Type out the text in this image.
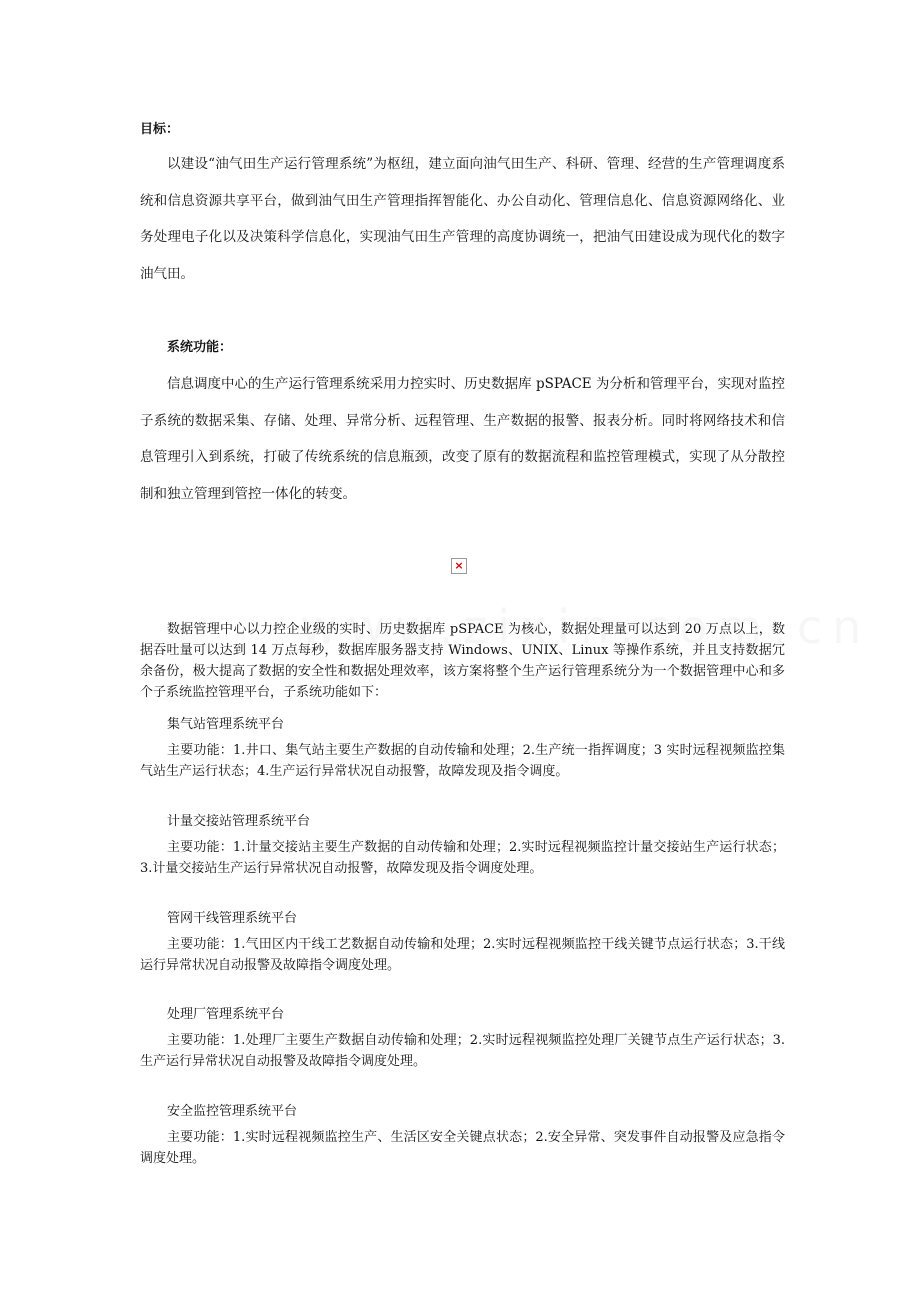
目标：

以建设“油气田生产运行管理系统”为枢纽，建立面向油气田生产、科研、管理、经营的生产管理调度系统和信息资源共享平台，做到油气田生产管理指挥智能化、办公自动化、管理信息化、信息资源网络化、业务处理电子化以及决策科学信息化，实现油气田生产管理的高度协调统一，把油气田建设成为现代化的数字油气田。

系统功能：

信息调度中心的生产运行管理系统采用力控实时、历史数据库 pSPACE 为分析和管理平台，实现对监控子系统的数据采集、存储、处理、异常分析、远程管理、生产数据的报警、报表分析。同时将网络技术和信息管理引入到系统，打破了传统系统的信息瓶颈，改变了原有的数据流程和监控管理模式，实现了从分散控制和独立管理到管控一体化的转变。

×

数据管理中心以力控企业级的实时、历史数据库 pSPACE 为核心，数据处理量可以达到 20 万点以上，数据吞吐量可以达到 14 万点每秒，数据库服务器支持 Windows、UNIX、Linux 等操作系统，并且支持数据冗余备份，极大提高了数据的安全性和数据处理效率，该方案将整个生产运行管理系统分为一个数据管理中心和多个子系统监控管理平台，子系统功能如下：

集气站管理系统平台

主要功能：1.井口、集气站主要生产数据的自动传输和处理；2.生产统一指挥调度；3 实时远程视频监控集气站生产运行状态；4.生产运行异常状况自动报警，故障发现及指令调度。

计量交接站管理系统平台

主要功能：1.计量交接站主要生产数据的自动传输和处理；2.实时远程视频监控计量交接站生产运行状态；3.计量交接站生产运行异常状况自动报警，故障发现及指令调度处理。

管网干线管理系统平台

主要功能：1.气田区内干线工艺数据自动传输和处理；2.实时远程视频监控干线关键节点运行状态；3.干线运行异常状况自动报警及故障指令调度处理。

处理厂管理系统平台

主要功能：1.处理厂主要生产数据自动传输和处理；2.实时远程视频监控处理厂关键节点生产运行状态；3.生产运行异常状况自动报警及故障指令调度处理。

安全监控管理系统平台

主要功能：1.实时远程视频监控生产、生活区安全关键点状态；2.安全异常、突发事件自动报警及应急指令调度处理。
